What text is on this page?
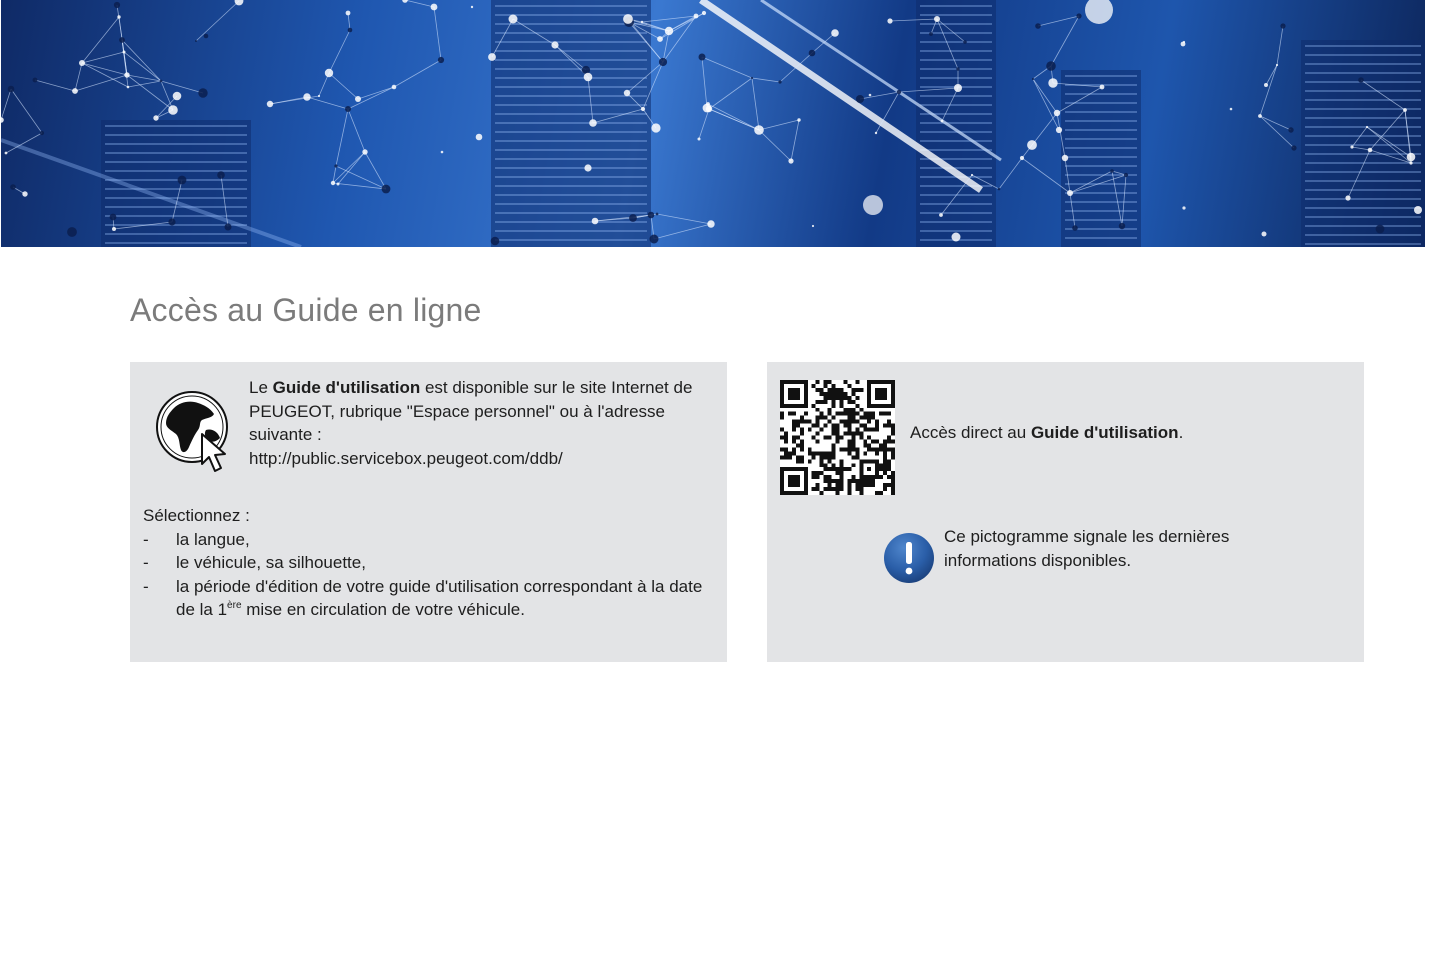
Accès au Guide en ligne

Le Guide d'utilisation est disponible sur le site Internet de PEUGEOT, rubrique "Espace personnel" ou à l'adresse suivante :

http://public.servicebox.peugeot.com/ddb/

Sélectionnez :

- la langue,
- le véhicule, sa silhouette,
- la période d'édition de votre guide d'utilisation correspondant à la date de la 1ère mise en circulation de votre véhicule.

Accès direct au Guide d'utilisation.

Ce pictogramme signale les dernières informations disponibles.
